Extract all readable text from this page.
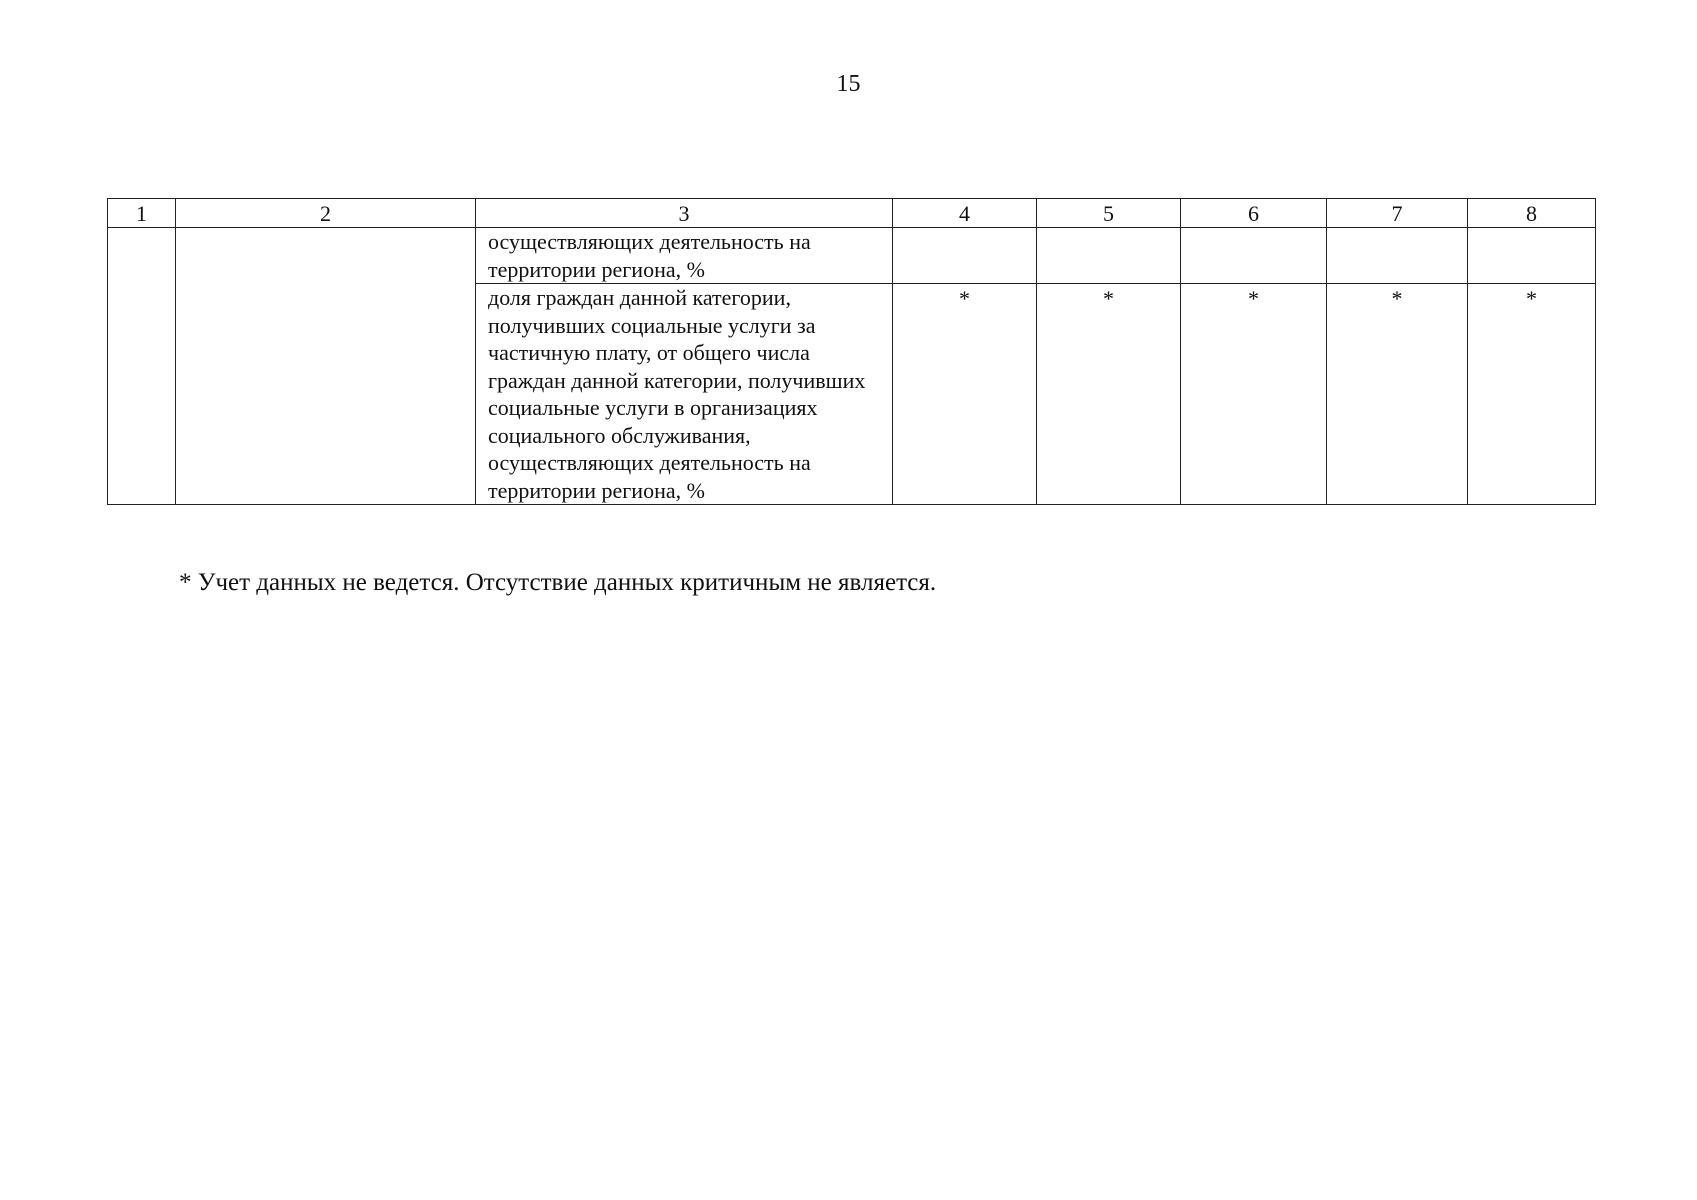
15
1	2	3	4	5	6	7	8
		осуществляющих деятельность на территории региона, %					
		доля граждан данной категории, получивших социальные услуги за частичную плату, от общего числа граждан данной категории, получивших социальные услуги в организациях социального обслуживания, осуществляющих деятельность на территории региона, %	*	*	*	*	*
* Учет данных не ведется. Отсутствие данных критичным не является.
